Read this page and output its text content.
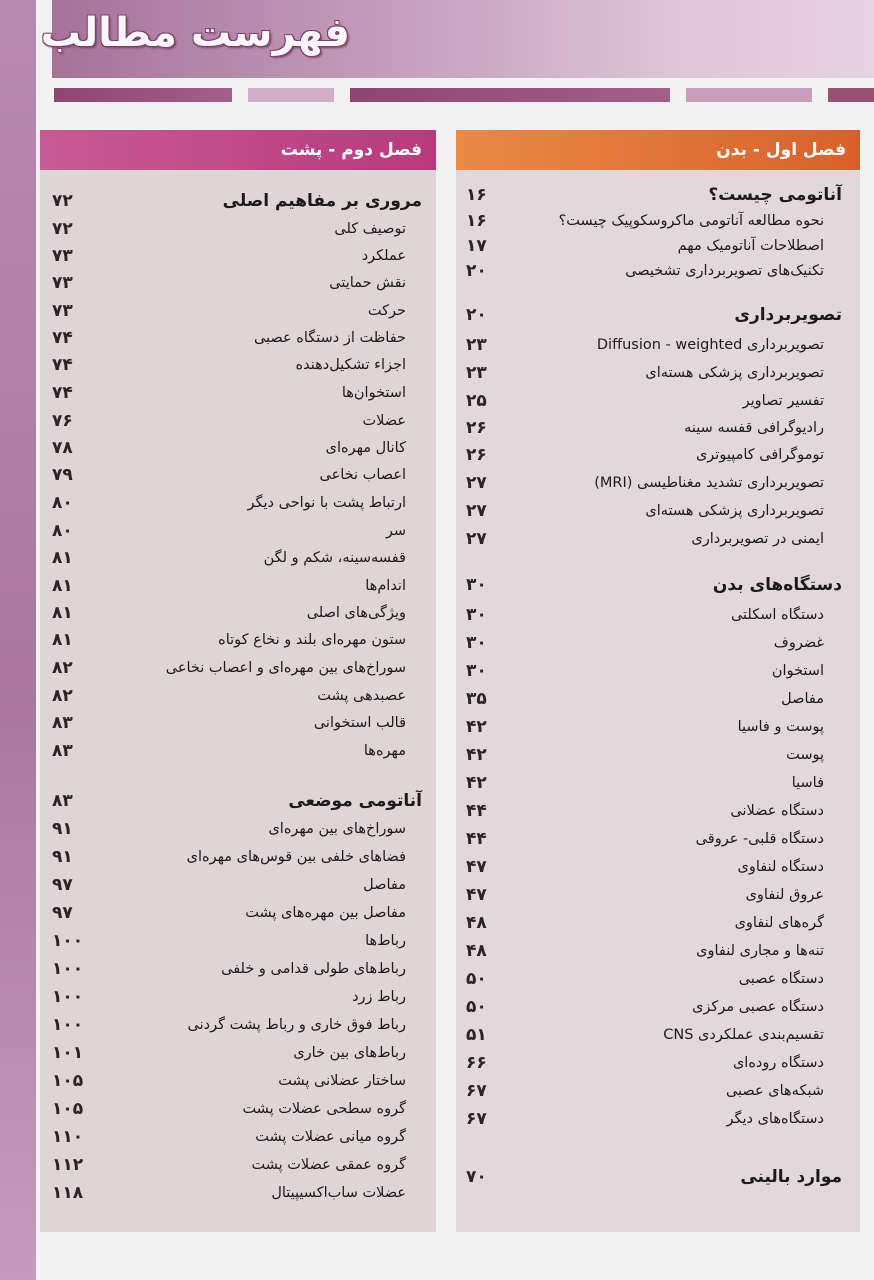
فهرست مطالب
فصل اول - بدن
آناتومی چیست؟
۱۶
نحوه مطالعه آناتومی ماکروسکوپیک چیست؟
۱۶
اصطلاحات آناتومیک مهم
۱۷
تکنیک‌های تصویربرداری تشخیصی
۲۰
تصویربرداری
۲۰
تصویربرداری Diffusion - weighted
۲۳
تصویربرداری پزشکی هسته‌ای
۲۳
تفسیر تصاویر
۲۵
رادیوگرافی قفسه سینه
۲۶
توموگرافی کامپیوتری
۲۶
تصویربرداری تشدید مغناطیسی (MRI)
۲۷
تصویربرداری پزشکی هسته‌ای
۲۷
ایمنی در تصویربرداری
۲۷
دستگاه‌های بدن
۳۰
دستگاه اسکلتی
۳۰
غضروف
۳۰
استخوان
۳۰
مفاصل
۳۵
پوست و فاسیا
۴۲
پوست
۴۲
فاسیا
۴۲
دستگاه عضلانی
۴۴
دستگاه قلبی- عروقی
۴۴
دستگاه لنفاوی
۴۷
عروق لنفاوی
۴۷
گره‌های لنفاوی
۴۸
تنه‌ها و مجاری لنفاوی
۴۸
دستگاه عصبی
۵۰
دستگاه عصبی مرکزی
۵۰
تقسیم‌بندی عملکردی CNS
۵۱
دستگاه روده‌ای
۶۶
شبکه‌های عصبی
۶۷
دستگاه‌های دیگر
۶۷
موارد بالینی
۷۰
فصل دوم - پشت
مروری بر مفاهیم اصلی
۷۲
توصیف کلی
۷۲
عملکرد
۷۳
نقش حمایتی
۷۳
حرکت
۷۳
حفاظت از دستگاه عصبی
۷۴
اجزاء تشکیل‌دهنده
۷۴
استخوان‌ها
۷۴
عضلات
۷۶
کانال مهره‌ای
۷۸
اعصاب نخاعی
۷۹
ارتباط پشت با نواحی دیگر
۸۰
سر
۸۰
قفسه‌سینه، شکم و لگن
۸۱
اندام‌ها
۸۱
ویژگی‌های اصلی
۸۱
ستون مهره‌ای بلند و نخاع کوتاه
۸۱
سوراخ‌های بین مهره‌ای و اعصاب نخاعی
۸۲
عصبدهی پشت
۸۲
قالب استخوانی
۸۳
مهره‌ها
۸۳
آناتومی موضعی
۸۳
سوراخ‌های بین مهره‌ای
۹۱
فضاهای خلفی بین قوس‌های مهره‌ای
۹۱
مفاصل
۹۷
مفاصل بین مهره‌های پشت
۹۷
رباط‌ها
۱۰۰
رباط‌های طولی قدامی و خلفی
۱۰۰
رباط زرد
۱۰۰
رباط فوق خاری و رباط پشت گردنی
۱۰۰
رباط‌های بین خاری
۱۰۱
ساختار عضلانی پشت
۱۰۵
گروه سطحی عضلات پشت
۱۰۵
گروه میانی عضلات پشت
۱۱۰
گروه عمقی عضلات پشت
۱۱۲
عضلات ساب‌اکسیپیتال
۱۱۸
